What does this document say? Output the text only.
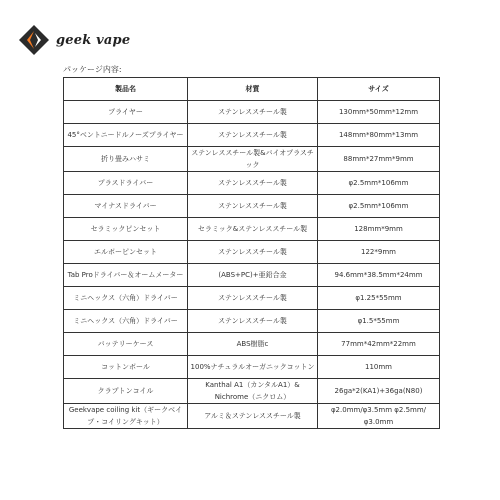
geek vape
パッケージ内容:
製品名	材質	サイズ
プライヤー	ステンレススチール製	130mm*50mm*12mm
45°ベントニードルノーズプライヤー	ステンレススチール製	148mm*80mm*13mm
折り畳みハサミ	ステンレススチール製&バイオプラスチック	88mm*27mm*9mm
プラスドライバー	ステンレススチール製	φ2.5mm*106mm
マイナスドライバー	ステンレススチール製	φ2.5mm*106mm
セラミックピンセット	セラミック&ステンレススチール製	128mm*9mm
エルボーピンセット	ステンレススチール製	122*9mm
Tab Proドライバー＆オームメーター	(ABS+PC)+亜鉛合金	94.6mm*38.5mm*24mm
ミニヘックス（六角）ドライバー	ステンレススチール製	φ1.25*55mm
ミニヘックス（六角）ドライバー	ステンレススチール製	φ1.5*55mm
バッテリーケース	ABS樹脂c	77mm*42mm*22mm
コットンボール	100%ナチュラルオーガニックコットン	110mm
クラプトンコイル	Kanthal A1（カンタルA1）& Nichrome（ニクロム）	26ga*2(KA1)+36ga(N80)
Geekvape coiling kit（ギークベイプ・コイリングキット）	アルミ＆ステンレススチール製	φ2.0mm/φ3.5mm φ2.5mm/φ3.0mm
